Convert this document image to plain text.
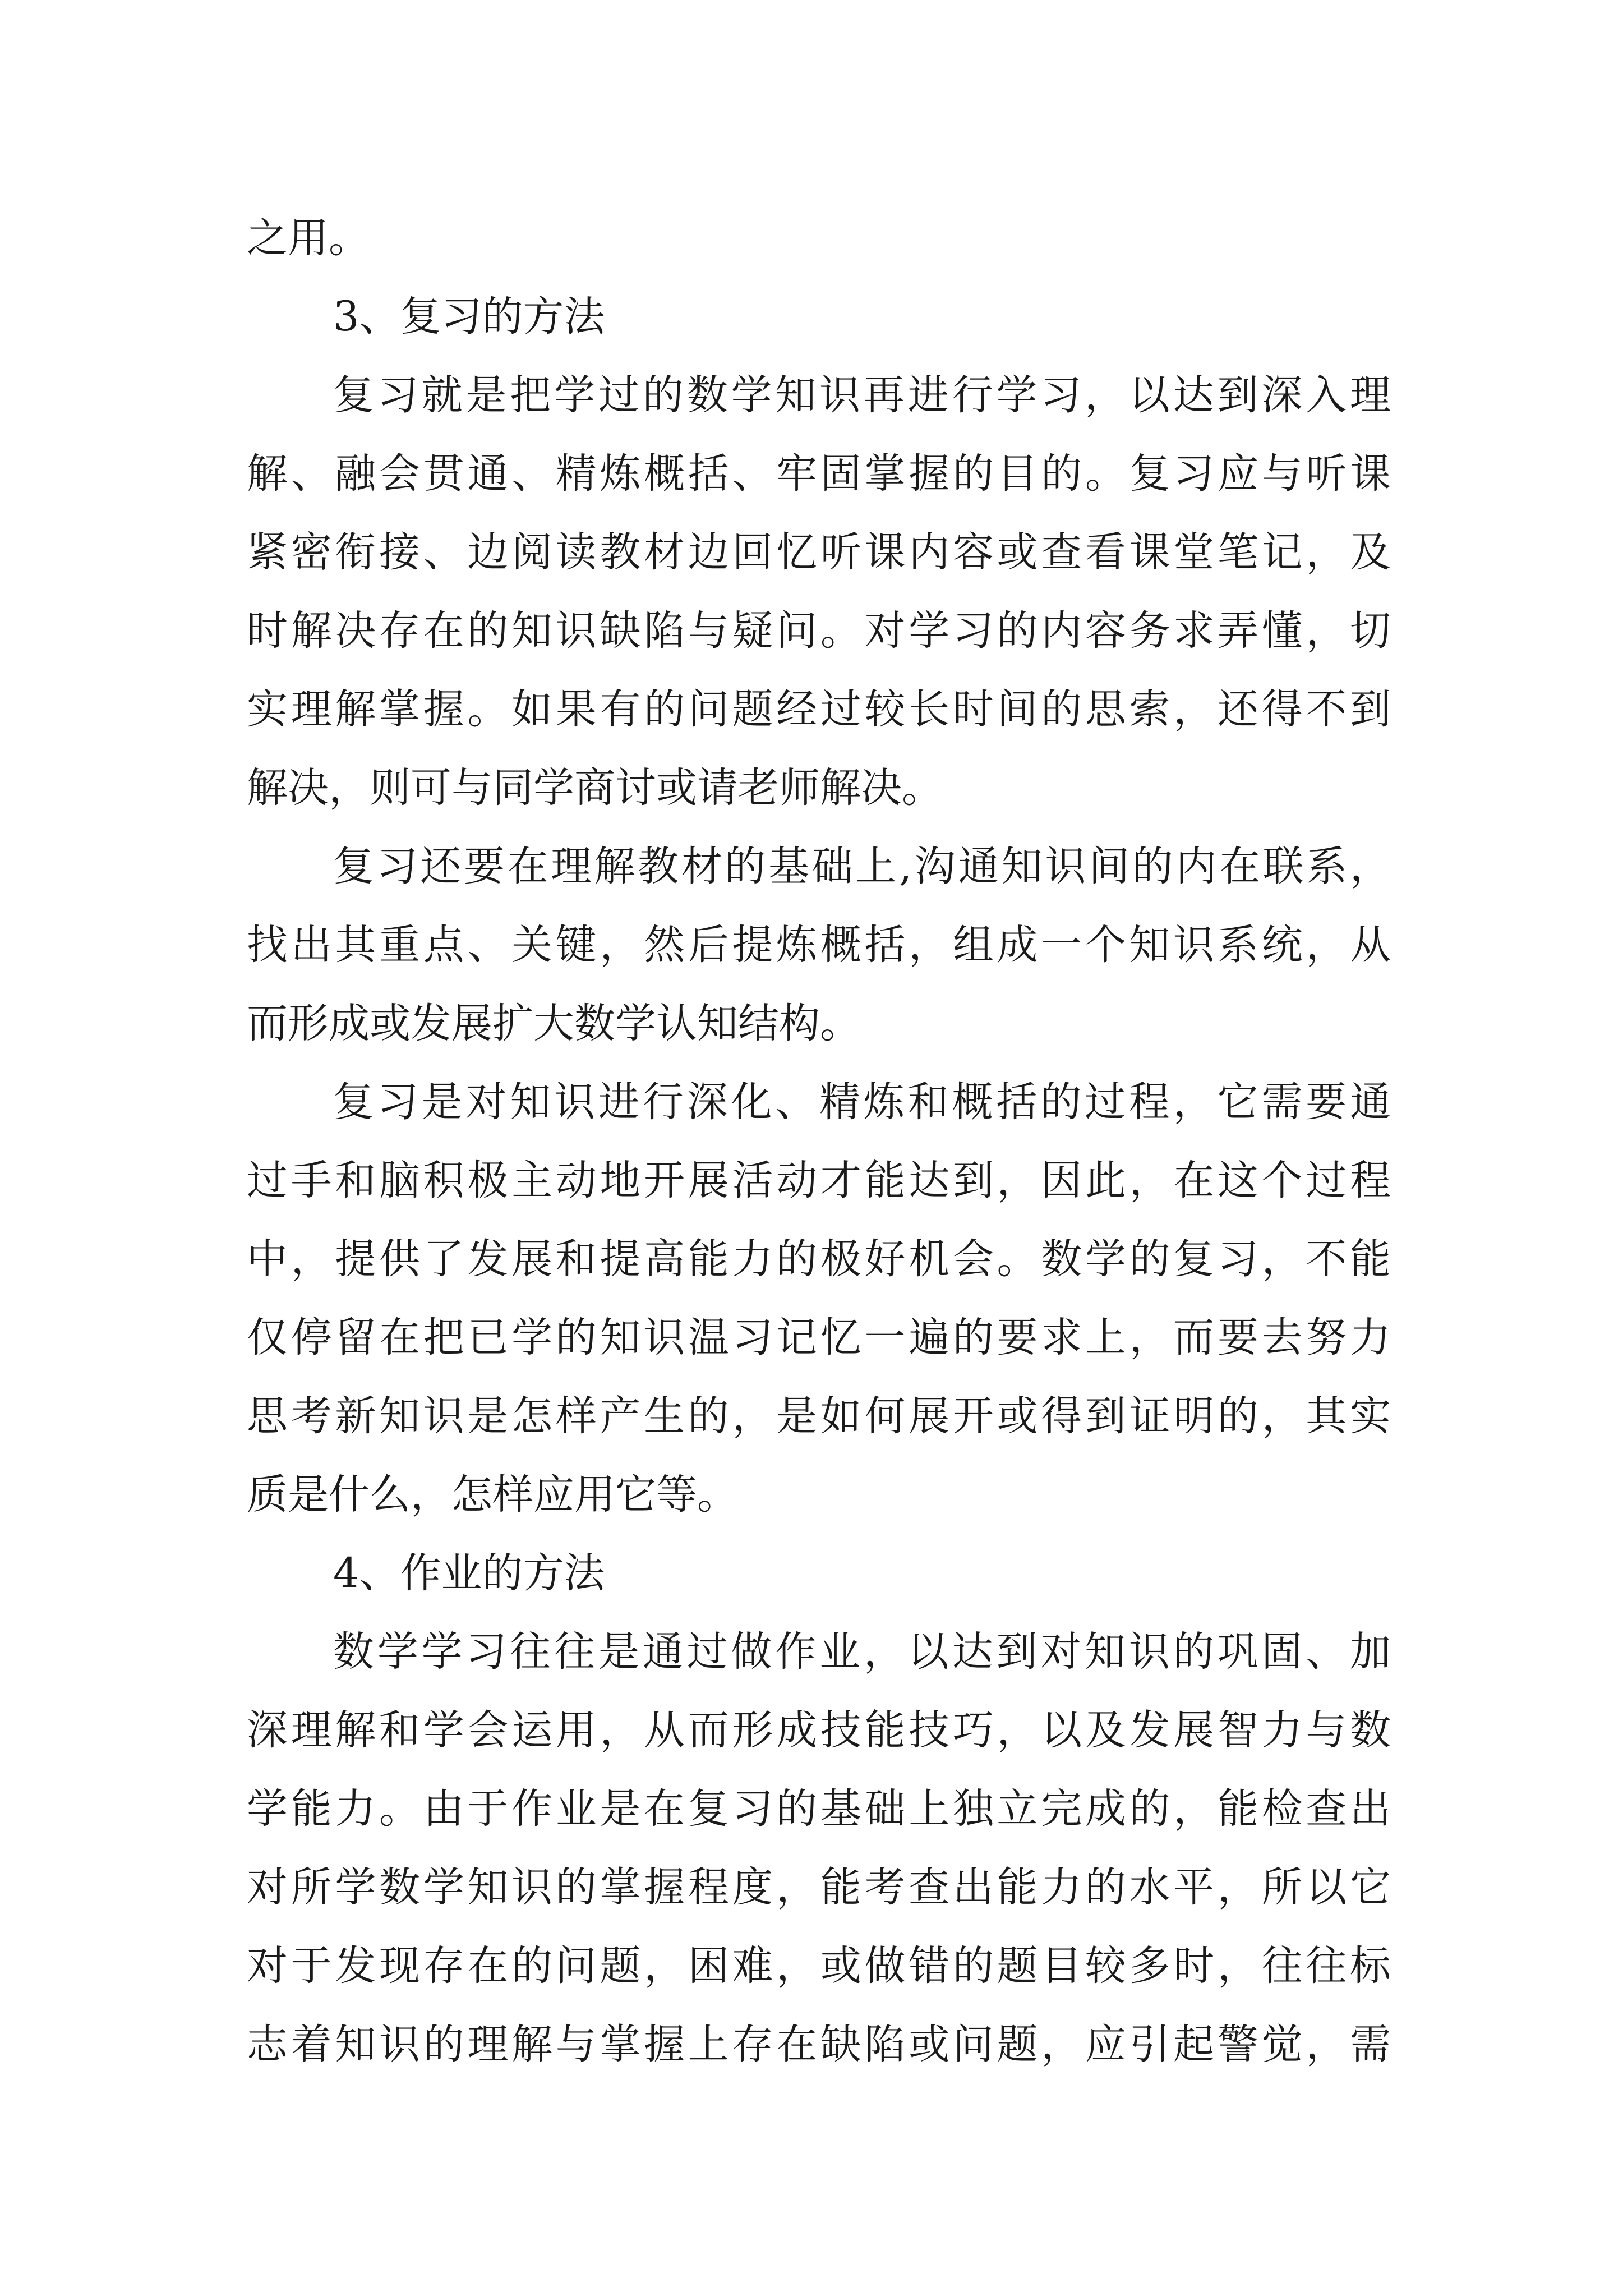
之用。

3、复习的方法

复习就是把学过的数学知识再进行学习，以达到深入理

解、融会贯通、精炼概括、牢固掌握的目的。复习应与听课

紧密衔接、边阅读教材边回忆听课内容或查看课堂笔记，及

时解决存在的知识缺陷与疑问。对学习的内容务求弄懂，切

实理解掌握。如果有的问题经过较长时间的思索，还得不到

解决，则可与同学商讨或请老师解决。

复习还要在理解教材的基础上,沟通知识间的内在联系，

找出其重点、关键，然后提炼概括，组成一个知识系统，从

而形成或发展扩大数学认知结构。

复习是对知识进行深化、精炼和概括的过程，它需要通

过手和脑积极主动地开展活动才能达到，因此，在这个过程

中，提供了发展和提高能力的极好机会。数学的复习，不能

仅停留在把已学的知识温习记忆一遍的要求上，而要去努力

思考新知识是怎样产生的，是如何展开或得到证明的，其实

质是什么，怎样应用它等。

4、作业的方法

数学学习往往是通过做作业，以达到对知识的巩固、加

深理解和学会运用，从而形成技能技巧，以及发展智力与数

学能力。由于作业是在复习的基础上独立完成的，能检查出

对所学数学知识的掌握程度，能考查出能力的水平，所以它

对于发现存在的问题，困难，或做错的题目较多时，往往标

志着知识的理解与掌握上存在缺陷或问题，应引起警觉，需
